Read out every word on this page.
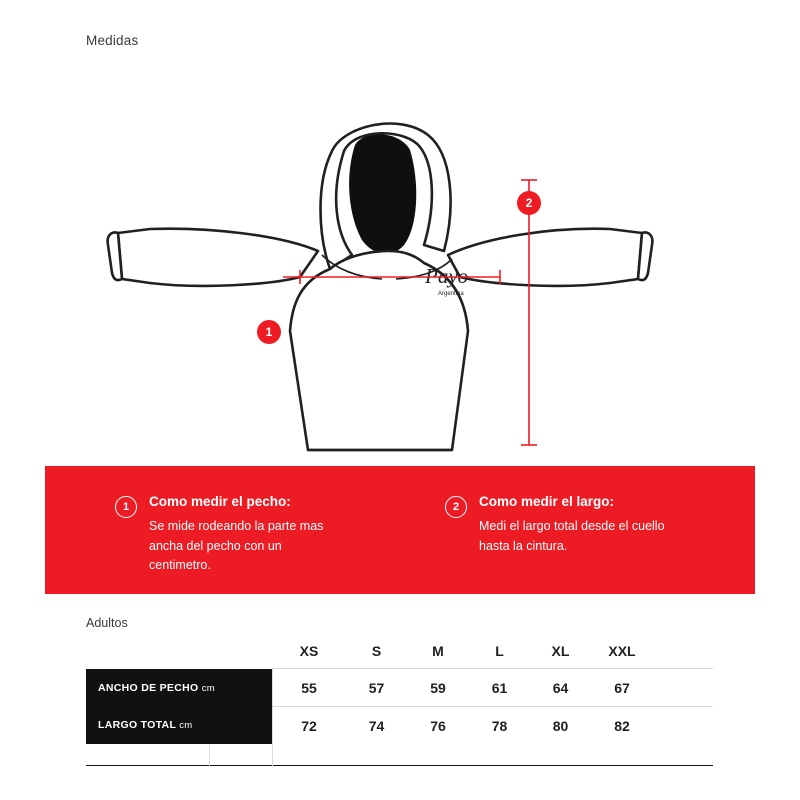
Medidas
Payo
Argentina
1
2
1	Como medir el pecho:
Se mide rodeando la parte mas ancha del pecho con un centimetro.
2	Como medir el largo:
Medi el largo total desde el cuello hasta la cintura.
Adultos
		XS	S	M	L	XL	XXL	
ANCHO DE PECHO cm		55	57	59	61	64	67	
LARGO TOTAL cm		72	74	76	78	80	82	
